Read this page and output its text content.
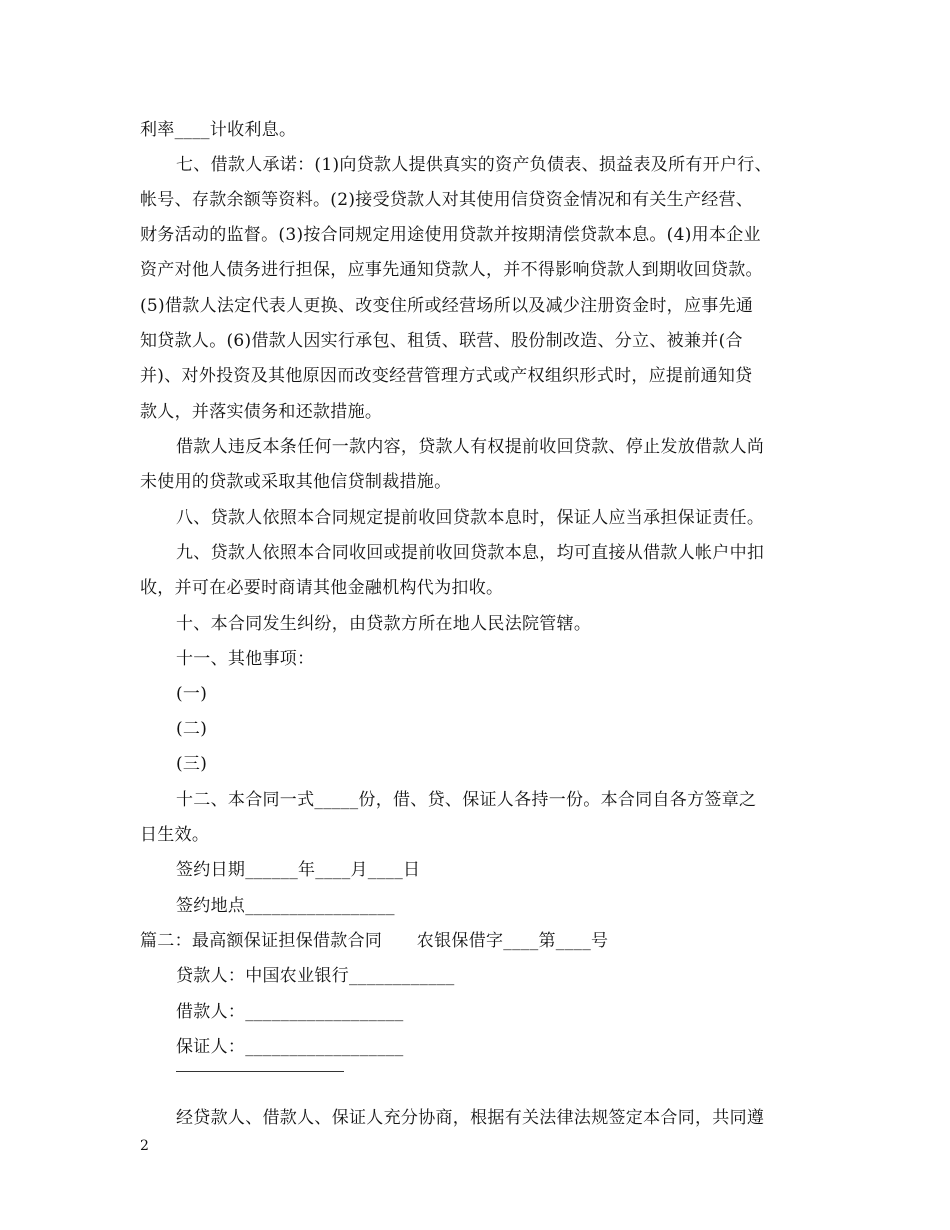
利率____计收利息。
七、借款人承诺：(1)向贷款人提供真实的资产负债表、损益表及所有开户行、
帐号、存款余额等资料。(2)接受贷款人对其使用信贷资金情况和有关生产经营、
财务活动的监督。(3)按合同规定用途使用贷款并按期清偿贷款本息。(4)用本企业
资产对他人债务进行担保，应事先通知贷款人，并不得影响贷款人到期收回贷款。
(5)借款人法定代表人更换、改变住所或经营场所以及减少注册资金时，应事先通
知贷款人。(6)借款人因实行承包、租赁、联营、股份制改造、分立、被兼并(合
并)、对外投资及其他原因而改变经营管理方式或产权组织形式时，应提前通知贷
款人，并落实债务和还款措施。
借款人违反本条任何一款内容，贷款人有权提前收回贷款、停止发放借款人尚
未使用的贷款或采取其他信贷制裁措施。
八、贷款人依照本合同规定提前收回贷款本息时，保证人应当承担保证责任。
九、贷款人依照本合同收回或提前收回贷款本息，均可直接从借款人帐户中扣
收，并可在必要时商请其他金融机构代为扣收。
十、本合同发生纠纷，由贷款方所在地人民法院管辖。
十一、其他事项：
(一)
(二)
(三)
十二、本合同一式_____份，借、贷、保证人各持一份。本合同自各方签章之
日生效。
签约日期______年____月____日
签约地点_________________
篇二：最高额保证担保借款合同　　农银保借字____第____号
贷款人：中国农业银行____________
借款人：__________________
保证人：__________________
经贷款人、借款人、保证人充分协商，根据有关法律法规签定本合同，共同遵
2
